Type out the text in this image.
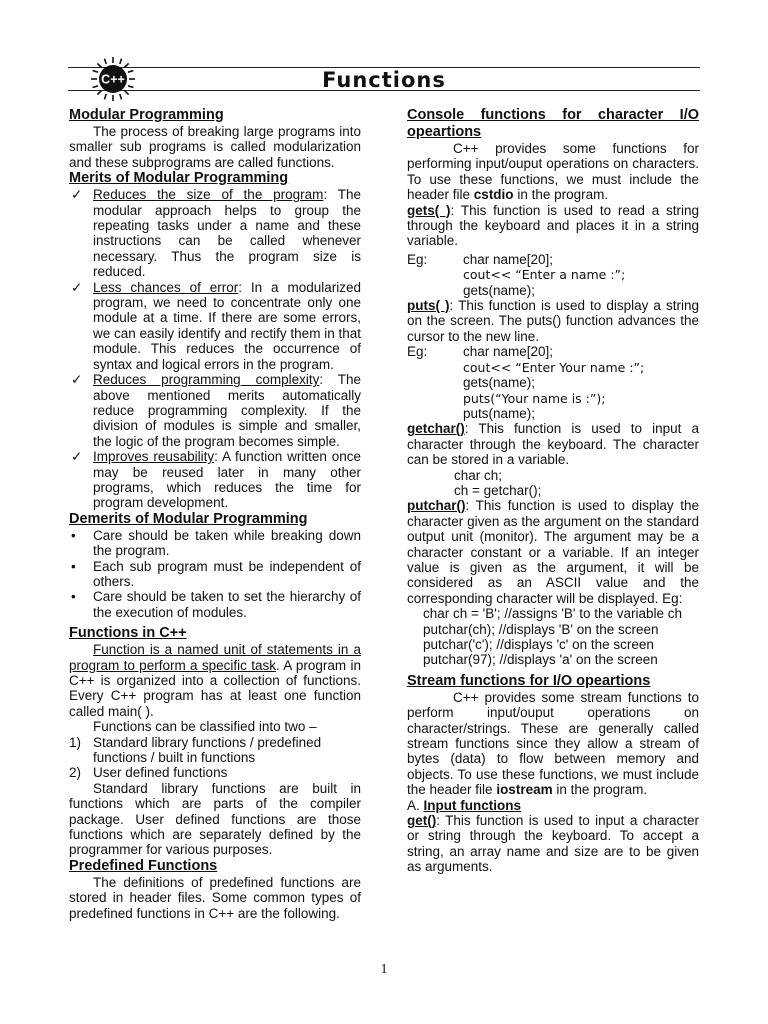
C++	Functions
Modular Programming

The process of breaking large programs into smaller sub programs is called modularization and these subprograms are called functions.

Merits of Modular Programming
✓ Reduces the size of the program: The modular approach helps to group the repeating tasks under a name and these instructions can be called whenever necessary. Thus the program size is reduced.
✓ Less chances of error: In a modularized program, we need to concentrate only one module at a time. If there are some errors, we can easily identify and rectify them in that module. This reduces the occurrence of syntax and logical errors in the program.
✓ Reduces programming complexity: The above mentioned merits automatically reduce programming complexity. If the division of modules is simple and smaller, the logic of the program becomes simple.
✓ Improves reusability: A function written once may be reused later in many other programs, which reduces the time for program development.
Demerits of Modular Programming
• Care should be taken while breaking down the program.
• Each sub program must be independent of others.
• Care should be taken to set the hierarchy of the execution of modules.
Functions in C++

Function is a named unit of statements in a program to perform a specific task. A program in C++ is organized into a collection of functions. Every C++ program has at least one function called main( ).

Functions can be classified into two –

1) Standard library functions / predefined functions / built in functions
2) User defined functions

Standard library functions are built in functions which are parts of the compiler package. User defined functions are those functions which are separately defined by the programmer for various purposes.

Predefined Functions

The definitions of predefined functions are stored in header files. Some common types of predefined functions in C++ are the following.

Console functions for character I/O opeartions

C++ provides some functions for performing input/ouput operations on characters. To use these functions, we must include the header file cstdio in the program.

gets( ): This function is used to read a string through the keyboard and places it in a string variable.

Eg:	char name[20];
cout<< “Enter a name :”;
gets(name);

puts( ): This function is used to display a string on the screen. The puts() function advances the cursor to the new line.

Eg:	char name[20];
cout<< “Enter Your name :”;
gets(name);
puts(“Your name is :”);
puts(name);

getchar(): This function is used to input a character through the keyboard. The character can be stored in a variable.

char ch;
ch = getchar();

putchar(): This function is used to display the character given as the argument on the standard output unit (monitor). The argument may be a character constant or a variable. If an integer value is given as the argument, it will be considered as an ASCII value and the corresponding character will be displayed. Eg:

char ch = 'B'; //assigns 'B' to the variable ch
putchar(ch); //displays 'B' on the screen
putchar('c'); //displays 'c' on the screen
putchar(97); //displays 'a' on the screen
Stream functions for I/O opeartions

C++ provides some stream functions to perform input/ouput operations on character/strings. These are generally called stream functions since they allow a stream of bytes (data) to flow between memory and objects. To use these functions, we must include the header file iostream in the program.

A. Input functions

get(): This function is used to input a character or string through the keyboard. To accept a string, an array name and size are to be given as arguments.

1
